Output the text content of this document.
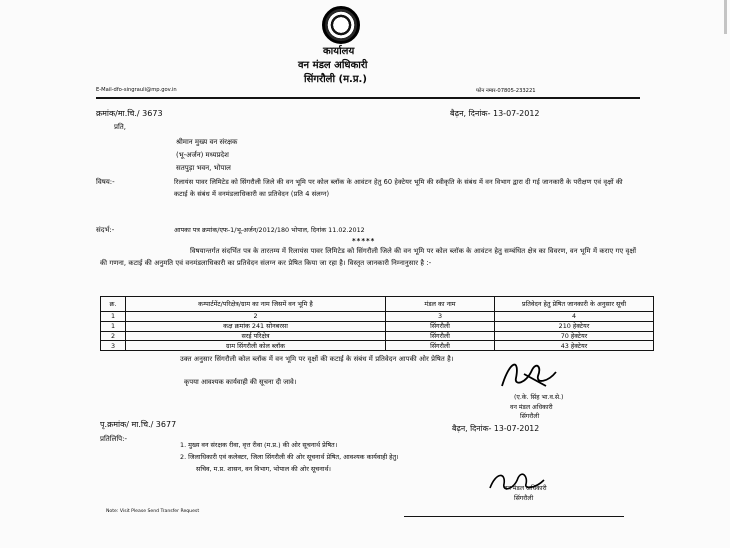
कार्यालय
वन मंडल अधिकारी
सिंगरौली (म.प्र.)
E-Mail-dfo-singrauli@mp.gov.in	फोन नम्बर-07805-233221
क्रमांक/मा.चि./ 3673	बैढ़न, दिनांक- 13-07-2012
प्रति,
श्रीमान मुख्य वन संरक्षक
(भू-अर्जन) मध्यप्रदेश
सतपुड़ा भवन, भोपाल
विषय:-	रिलायंस पावर लिमिटेड को सिंगरौली जिले की वन भूमि पर कोल ब्लॉक के आवंटन हेतु 60 हेक्टेयर भूमि की स्वीकृति के संबंध में वन विभाग द्वारा दी गई जानकारी के परीक्षण एवं वृक्षों की कटाई के संबंध में वनमंडलाधिकारी का प्रतिवेदन (प्रति 4 संलग्न)
संदर्भ:-	आपका पत्र क्रमांक/एफ-1/भू-अर्जन/2012/180 भोपाल, दिनांक 11.02.2012
*****
विषयान्तर्गत संदर्भित पत्र के तारतम्य में रिलायंस पावर लिमिटेड को सिंगरौली जिले की वन भूमि पर कोल ब्लॉक के आवंटन हेतु सम्बंधित क्षेत्र का विवरण, वन भूमि में कराए गए वृक्षों की गणना, कटाई की अनुमति एवं वनमंडलाधिकारी का प्रतिवेदन संलग्न कर प्रेषित किया जा रहा है। विस्तृत जानकारी निम्नानुसार है :-
क्र.	कम्पार्टमेंट/परिक्षेत्र/ग्राम का नाम जिसमें वन भूमि है	मंडल का नाम	प्रतिवेदन हेतु प्रेषित जानकारी के अनुसार सूची
1	2	3	4
1	कक्ष क्रमांक 241 सोनबरसा	सिंगरौली	210 हेक्टेयर
2	सरई परिक्षेत्र	सिंगरौली	70 हेक्टेयर
3	ग्राम सिंगरौली कोल ब्लॉक	सिंगरौली	43 हेक्टेयर
उक्त अनुसार सिंगरौली कोल ब्लॉक में वन भूमि पर वृक्षों की कटाई के संबंध में प्रतिवेदन आपकी ओर प्रेषित है।
कृपया आवश्यक कार्यवाही की सूचना दी जावे।
(ए.के. सिंह भा.व.से.)
वन मंडल अधिकारी
सिंगरौली
पृ.क्रमांक/ मा.चि./ 3677	बैढ़न, दिनांक- 13-07-2012
प्रतिलिपि:-
1. मुख्य वन संरक्षक रीवा, वृत्त रीवा (म.प्र.) की ओर सूचनार्थ प्रेषित।
2. जिलाधिकारी एवं कलेक्टर, जिला सिंगरौली की ओर सूचनार्थ प्रेषित, आवश्यक कार्यवाही हेतु।
सचिव, म.प्र. शासन, वन विभाग, भोपाल की ओर सूचनार्थ।
वन मंडल अधिकारी
सिंगरौली
Note: Visit Please Send Transfer Request
